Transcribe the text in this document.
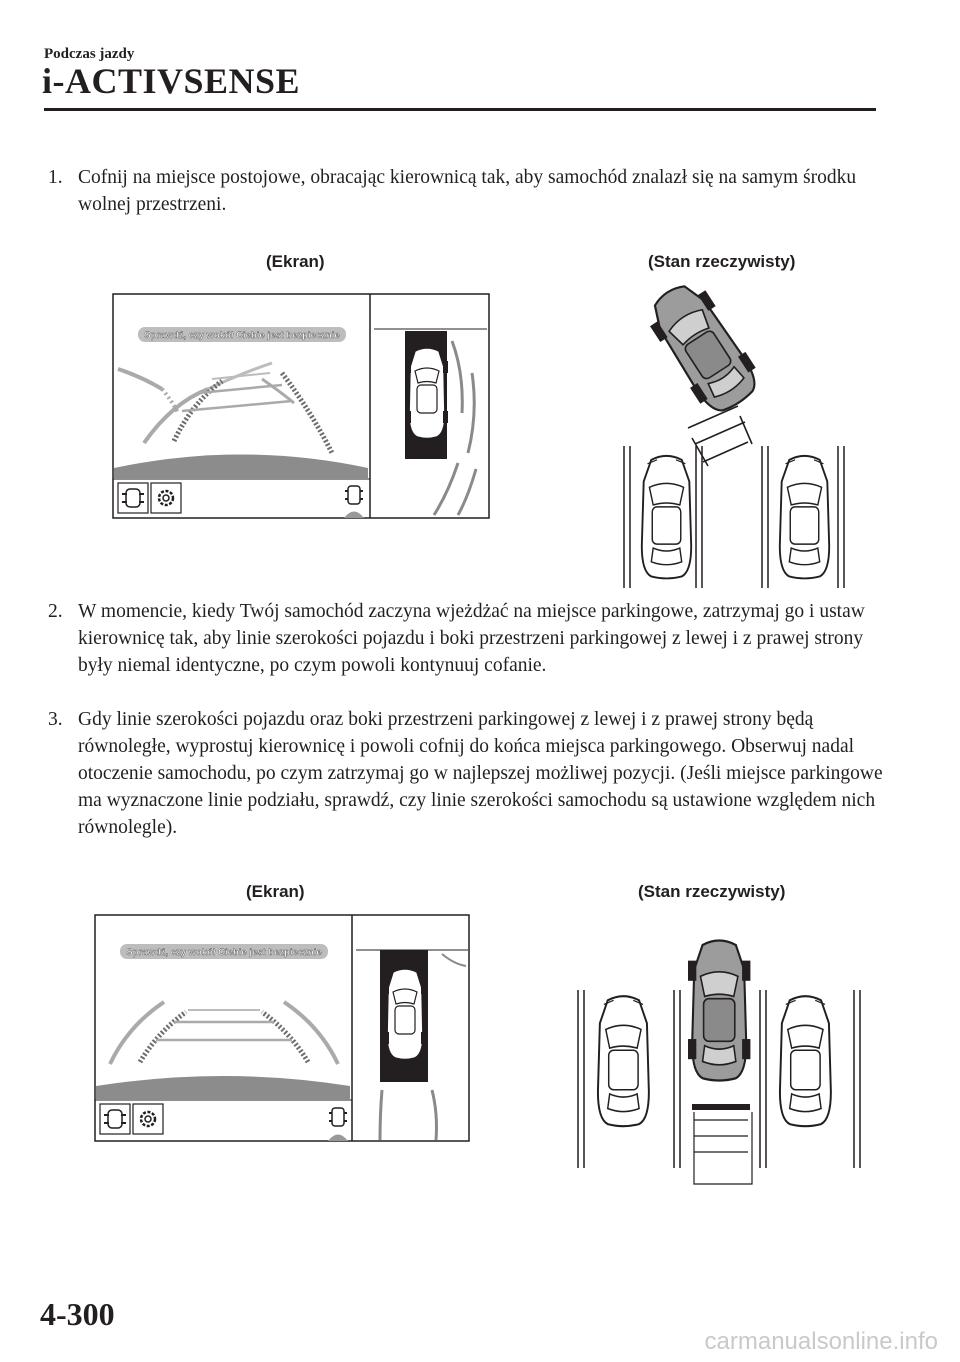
Podczas jazdy
i-ACTIVSENSE
1. Cofnij na miejsce postojowe, obracając kierownicą tak, aby samochód znalazł się na samym środku wolnej przestrzeni.
(Ekran)	(Stan rzeczywisty)
Sprawdź, czy wokół Ciebie jest bezpiecznie
2. W momencie, kiedy Twój samochód zaczyna wjeżdżać na miejsce parkingowe, zatrzymaj go i ustaw kierownicę tak, aby linie szerokości pojazdu i boki przestrzeni parkingowej z lewej i z prawej strony były niemal identyczne, po czym powoli kontynuuj cofanie.
3. Gdy linie szerokości pojazdu oraz boki przestrzeni parkingowej z lewej i z prawej strony będą równoległe, wyprostuj kierownicę i powoli cofnij do końca miejsca parkingowego. Obserwuj nadal otoczenie samochodu, po czym zatrzymaj go w najlepszej możliwej pozycji. (Jeśli miejsce parkingowe ma wyznaczone linie podziału, sprawdź, czy linie szerokości samochodu są ustawione względem nich równolegle).
(Ekran)	(Stan rzeczywisty)
Sprawdź, czy wokół Ciebie jest bezpiecznie
4-300
carmanualsonline.info
